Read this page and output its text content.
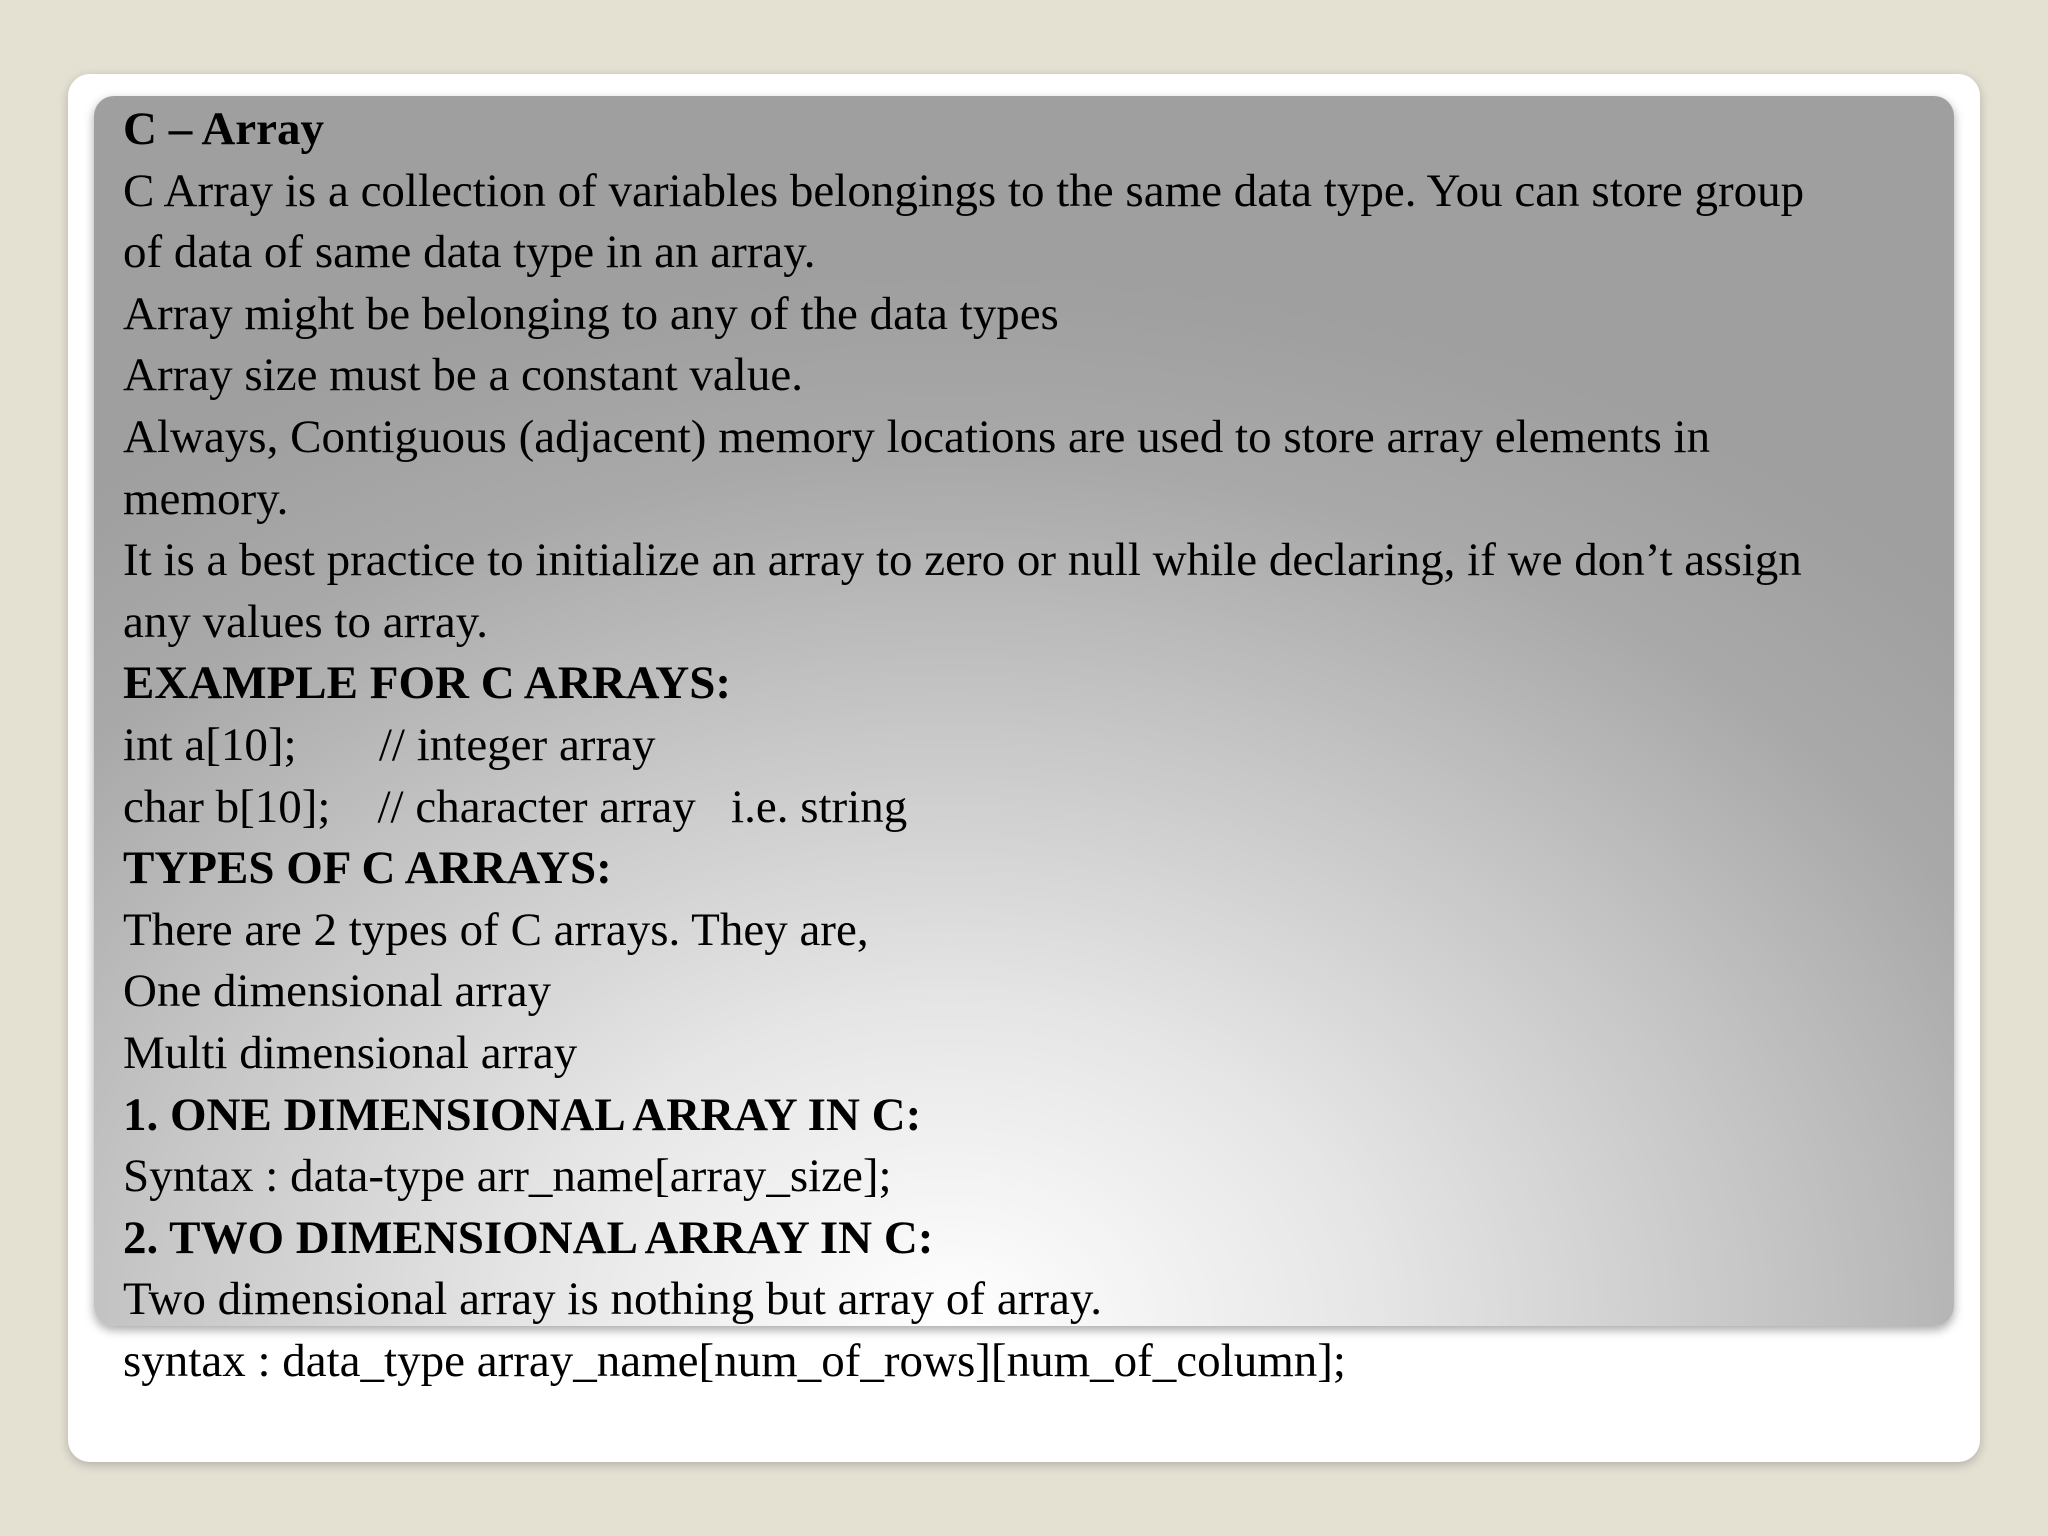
C – Array
C Array is a collection of variables belongings to the same data type. You can store group
of data of same data type in an array.
Array might be belonging to any of the data types
Array size must be a constant value.
Always, Contiguous (adjacent) memory locations are used to store array elements in
memory.
It is a best practice to initialize an array to zero or null while declaring, if we don’t assign
any values to array.
EXAMPLE FOR C ARRAYS:
int a[10];       // integer array
char b[10];    // character array   i.e. string
TYPES OF C ARRAYS:
There are 2 types of C arrays. They are,
One dimensional array
Multi dimensional array
1. ONE DIMENSIONAL ARRAY IN C:
Syntax : data-type arr_name[array_size];
2. TWO DIMENSIONAL ARRAY IN C:
Two dimensional array is nothing but array of array.
syntax : data_type array_name[num_of_rows][num_of_column];
